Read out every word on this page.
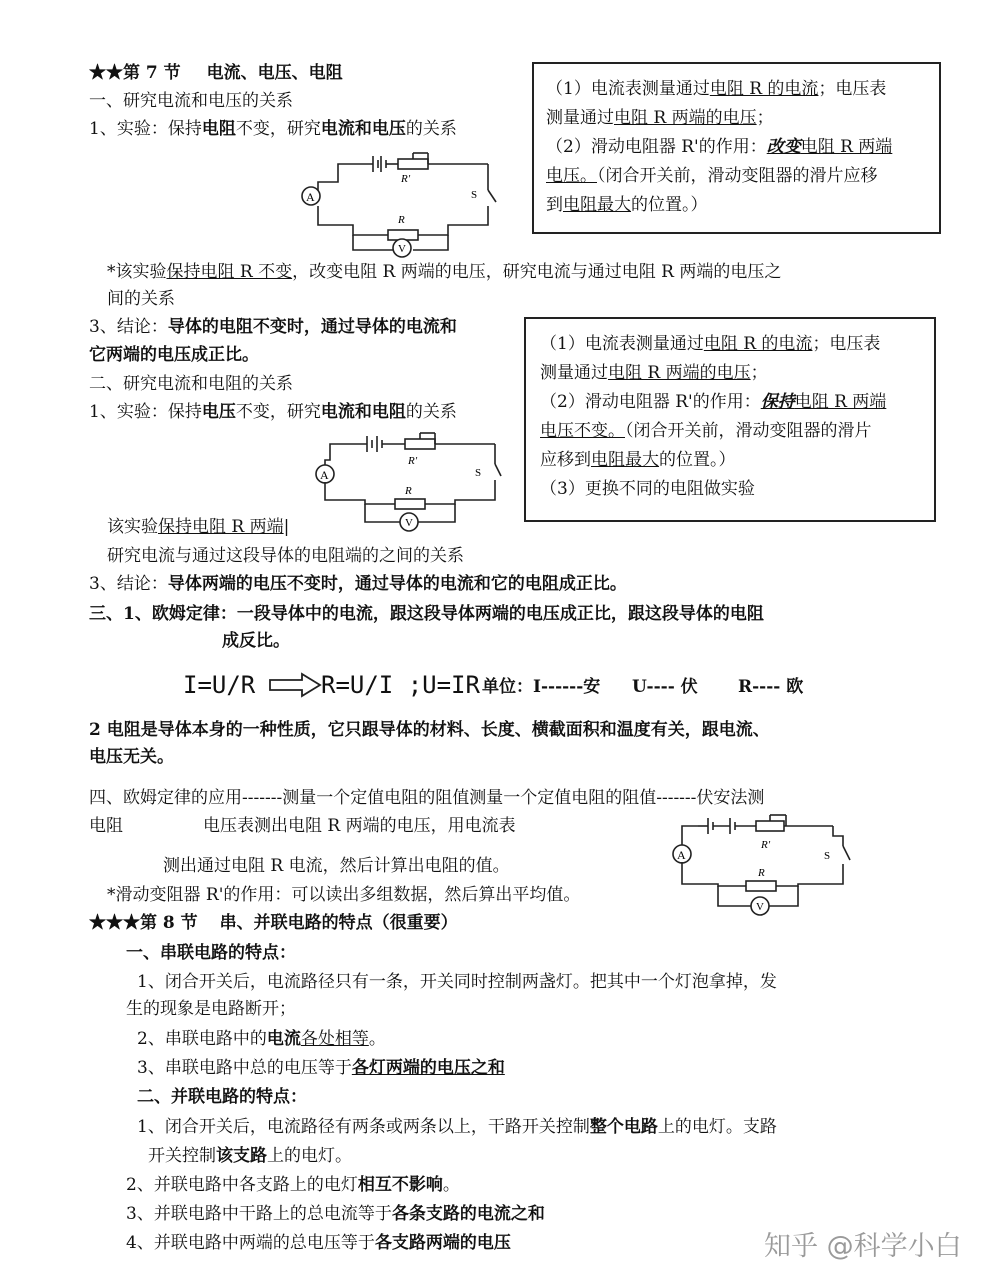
★★第 7 节 电流、电压、电阻
一、研究电流和电压的关系
1、实验：保持电阻不变，研究电流和电压的关系
（1）电流表测量通过电阻 R 的电流；电压表
测量通过电阻 R 两端的电压；
（2）滑动电阻器 R'的作用：改变电阻 R 两端
电压。（闭合开关前，滑动变阻器的滑片应移
到电阻最大的位置。）
A
V
R′
R
S
*该实验保持电阻 R 不变，改变电阻 R 两端的电压，研究电流与通过电阻 R 两端的电压之
间的关系
3、结论：导体的电阻不变时，通过导体的电流和
它两端的电压成正比。
二、研究电流和电阻的关系
1、实验：保持电压不变，研究电流和电阻的关系
（1）电流表测量通过电阻 R 的电流；电压表
测量通过电阻 R 两端的电压；
（2）滑动电阻器 R'的作用：保持电阻 R 两端
电压不变。（闭合开关前，滑动变阻器的滑片
应移到电阻最大的位置。）
（3）更换不同的电阻做实验
A
V
R′
R
S
该实验保持电阻 R 两端|
研究电流与通过这段导体的电阻端的之间的关系
3、结论：导体两端的电压不变时，通过导体的电流和它的电阻成正比。
三、1、欧姆定律：一段导体中的电流，跟这段导体两端的电压成正比，跟这段导体的电阻
成反比。
I=U/R	R=U/I ;U=IR 单位：I------安 U---- 伏 R---- 欧
2 电阻是导体本身的一种性质，它只跟导体的材料、长度、横截面积和温度有关，跟电流、
电压无关。
四、欧姆定律的应用-------测量一个定值电阻的阻值测量一个定值电阻的阻值-------伏安法测
电阻	电压表测出电阻 R 两端的电压，用电流表
测出通过电阻 R 电流，然后计算出电阻的值。
*滑动变阻器 R'的作用：可以读出多组数据，然后算出平均值。
A
V
R′
R
S
★★★第 8 节 串、并联电路的特点（很重要）
一、串联电路的特点：
1、闭合开关后，电流路径只有一条，开关同时控制两盏灯。把其中一个灯泡拿掉，发
生的现象是电路断开；
2、串联电路中的电流各处相等。
3、串联电路中总的电压等于各灯两端的电压之和
二、并联电路的特点：
1、闭合开关后，电流路径有两条或两条以上，干路开关控制整个电路上的电灯。支路
开关控制该支路上的电灯。
2、并联电路中各支路上的电灯相互不影响。
3、并联电路中干路上的总电流等于各条支路的电流之和
4、并联电路中两端的总电压等于各支路两端的电压	知乎 @科学小白
